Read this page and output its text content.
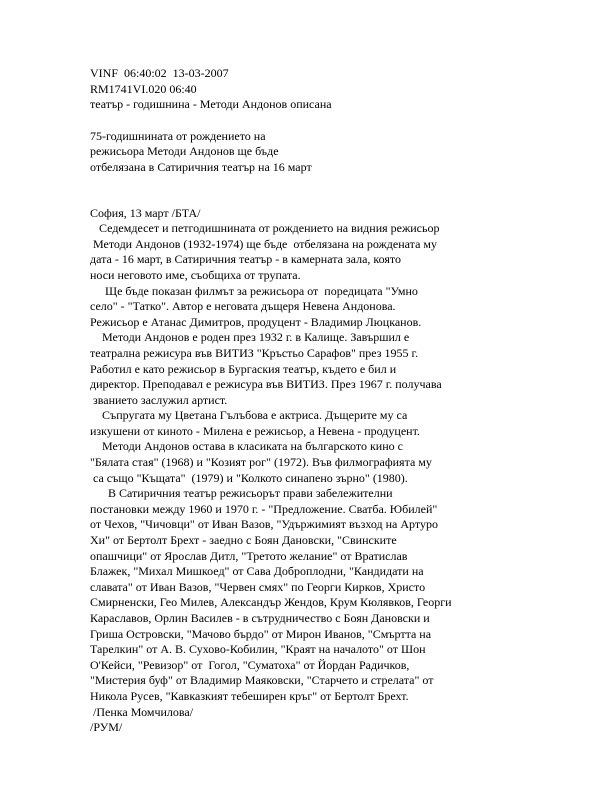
VINF  06:40:02  13-03-2007
RM1741VI.020 06:40
театър - годишнина - Методи Андонов описана
75-годишнината от рождението на
режисьора Методи Андонов ще бъде
отбелязана в Сатиричния театър на 16 март
София, 13 март /БТА/
Седемдесет и петгодишнината от рождението на видния режисьор
Методи Андонов (1932-1974) ще бъде  отбелязана на рождената му
дата - 16 март, в Сатиричния театър - в камерната зала, която
носи неговото име, съобщиха от трупата.
Ще бъде показан филмът за режисьора от  поредицата "Умно
село" - "Татко". Автор е неговата дъщеря Невена Андонова.
Режисьор е Атанас Димитров, продуцент - Владимир Люцканов.
Методи Андонов е роден през 1932 г. в Калище. Завършил е
театрална режисура във ВИТИЗ "Кръстьо Сарафов" през 1955 г.
Работил е като режисьор в Бургаския театър, където е бил и
директор. Преподавал е режисура във ВИТИЗ. През 1967 г. получава
званието заслужил артист.
Съпругата му Цветана Гълъбова е актриса. Дъщерите му са
изкушени от киното - Милена е режисьор, а Невена - продуцент.
Методи Андонов остава в класиката на българското кино с
"Бялата стая" (1968) и "Козият рог" (1972). Във филмографията му
са също "Къщата"  (1979) и "Колкото синапено зърно" (1980).
В Сатиричния театър режисьорът прави забележителни
постановки между 1960 и 1970 г. - "Предложение. Сватба. Юбилей"
от Чехов, "Чичовци" от Иван Вазов, "Удържимият възход на Артуро
Хи" от Бертолт Брехт - заедно с Боян Дановски, "Свинските
опашчици" от Ярослав Дитл, "Третото желание" от Вратислав
Блажек, "Михал Мишкоед" от Сава Доброплодни, "Кандидати на
славата" от Иван Вазов, "Червен смях" по Георги Кирков, Христо
Смирненски, Гео Милев, Александър Жендов, Крум Кюлявков, Георги
Караславов, Орлин Василев - в сътрудничество с Боян Дановски и
Гриша Островски, "Мачово бърдо" от Мирон Иванов, "Смъртта на
Тарелкин" от А. В. Сухово-Кобилин, "Краят на началото" от Шон
О'Кейси, "Ревизор" от  Гогол, "Суматоха" от Йордан Радичков,
"Мистерия буф" от Владимир Маяковски, "Старчето и стрелата" от
Никола Русев, "Кавказкият тебеширен кръг" от Бертолт Брехт.
/Пенка Момчилова/
/РУМ/
